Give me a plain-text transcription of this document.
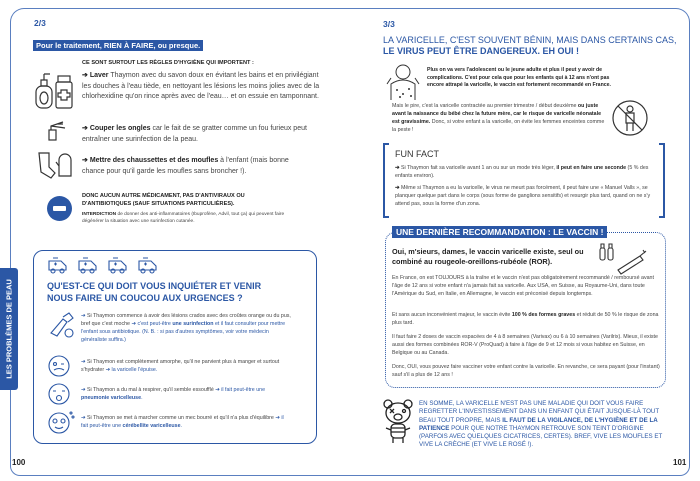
2/3
Pour le traitement, RIEN À FAIRE, ou presque.
CE SONT SURTOUT LES RÈGLES D'HYGIÈNE QUI IMPORTENT :
➔ Laver Thaymon avec du savon doux en évitant les bains et en privilégiant les douches à l'eau tiède, en nettoyant les lésions les moins jolies avec de la chlorhexidine qu'on rince après avec de l'eau… et on essuie en tamponnant.
➔ Couper les ongles car le fait de se gratter comme un fou furieux peut entraîner une surinfection de la peau.
➔ Mettre des chaussettes et des moufles à l'enfant (mais bonne chance pour qu'il garde les moufles sans broncher !).
DONC AUCUN AUTRE MÉDICAMENT, PAS D'ANTIVIRAUX OU D'ANTIBIOTIQUES (SAUF SITUATIONS PARTICULIÈRES).
INTERDICTION de donner des anti-inflammatoires (Ibuprofène, Advil, tout ça) qui peuvent faire dégénérer la situation avec une surinfection cutanée.
QU'EST-CE QUI DOIT VOUS INQUIÉTER ET VENIR NOUS FAIRE UN COUCOU AUX URGENCES ?
➔ Si Thaymon commence à avoir des lésions crados avec des croûtes orange ou du pus, bref que c'est moche ➔ c'est peut-être une surinfection et il faut consulter pour mettre l'enfant sous antibiotique. (N. B. : si pas d'autres symptômes, voir votre médecin généraliste suffira.)
➔ Si Thaymon est complètement amorphe, qu'il ne parvient plus à manger et surtout s'hydrater ➔ la varicelle l'épuise.
➔ Si Thaymon a du mal à respirer, qu'il semble essoufflé ➔ il fait peut-être une pneumonie varicelleuse.
➔ Si Thaymon se met à marcher comme un mec bourré et qu'il n'a plus d'équilibre ➔ il fait peut-être une cérébellite varicelleuse.
LES PROBLÈMES DE PEAU
100
3/3
LA VARICELLE, C'EST SOUVENT BÉNIN, MAIS DANS CERTAINS CAS,
LE VIRUS PEUT ÊTRE DANGEREUX. EH OUI !
Plus on va vers l'adolescent ou le jeune adulte et plus il peut y avoir de complications. C'est pour cela que pour les enfants qui à 12 ans n'ont pas encore attrapé la varicelle, le vaccin est fortement recommandé en France.
Mais le pire, c'est la varicelle contractée au premier trimestre / début deuxième ou juste avant la naissance du bébé chez la future mère, car le risque de varicelle néonatale est gravissime. Donc, si votre enfant a la varicelle, on évite les femmes enceintes comme la peste !
FUN FACT
➔ Si Thaymon fait sa varicelle avant 1 an ou sur un mode très léger, il peut en faire une seconde (5 % des enfants environ).
➔ Même si Thaymon a eu la varicelle, le virus ne meurt pas forcément, il peut faire une « Manuel Valls », se planquer quelque part dans le corps (sous forme de ganglions sensitifs) et resurgir plus tard, quand on ne s'y attend pas, sous la forme d'un zona.
UNE DERNIÈRE RECOMMANDATION : LE VACCIN !
Oui, m'sieurs, dames, le vaccin varicelle existe, seul ou combiné au rougeole-oreillons-rubéole (ROR).
En France, on est TOUJOURS à la traîne et le vaccin n'est pas obligatoirement recommandé / remboursé avant l'âge de 12 ans si votre enfant n'a jamais fait sa varicelle. Aux USA, en Suisse, au Royaume-Uni, dans toute l'Amérique du Sud, en Italie, en Allemagne, le vaccin est préconisé depuis longtemps.
Et sans aucun inconvénient majeur, le vaccin évite 100 % des formes graves et réduit de 50 % le risque de zona plus tard.
Il faut faire 2 doses de vaccin espacées de 4 à 8 semaines (Varivax) ou 6 à 10 semaines (Varilrix). Mieux, il existe aussi des formes combinées ROR-V (ProQuad) à faire à l'âge de 9 et 12 mois si vous habitez en Suisse, en Belgique ou au Canada.
Donc, OUI, vous pouvez faire vacciner votre enfant contre la varicelle. En revanche, ce sera payant (pour l'instant) sauf s'il a plus de 12 ans !
EN SOMME, LA VARICELLE N'EST PAS UNE MALADIE QUI DOIT VOUS FAIRE REGRETTER L'INVESTISSEMENT DANS UN ENFANT QUI ÉTAIT JUSQUE-LÀ TOUT BEAU TOUT PROPRE, MAIS IL FAUT DE LA VIGILANCE, DE L'HYGIÈNE ET DE LA PATIENCE POUR QUE NOTRE THAYMON RETROUVE SON TEINT D'ORIGINE (PARFOIS AVEC QUELQUES CICATRICES, CERTES). BREF, VIVE LES MOUFLES ET VIVE LA CRÈCHE (ET VIVE LE ROSÉ !).
101
